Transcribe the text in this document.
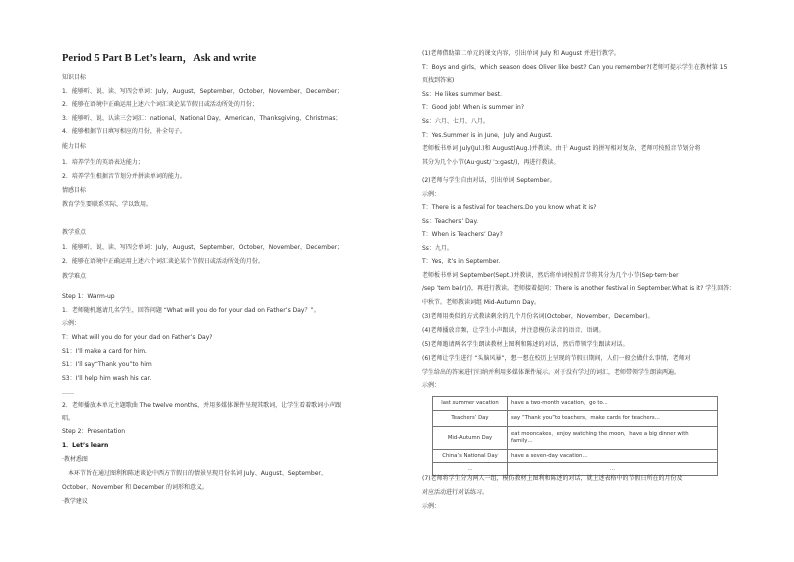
Period 5 Part B Let’s learn，Ask and write
知识目标
1．能够听、说、读、写四会单词：July，August，September，October，November，December；
2．能够在语境中正确运用上述六个词汇谈论某节假日或活动所处的月份；
3．能够听、说、认读三会词汇：national，National Day，American，Thanksgiving，Christmas；
4．能够根据节日填写相应的月份，补全句子。
能力目标
1．培养学生的英语表达能力；
2．培养学生根据音节划分并拼读单词的能力。
情感目标
教育学生要联系实际，学以致用。
教学重点
1．能够听、说、读、写四会单词：July，August，September，October，November，December；
2．能够在语境中正确运用上述六个词汇谈论某个节假日或活动所处的月份。
教学难点
Step 1：Warm-up
1．老师随机邀请几名学生，回答问题 “What will you do for your dad on Father’s Day？”。
示例：
T：What will you do for your dad on Father’s Day?
S1：I’ll make a card for him.
S1：I’ll say“Thank you”to him
S3：I’ll help him wash his car.
……
2．老师播放本单元主题歌曲 The twelve months，并用多媒体课件呈现其歌词，让学生看着歌词小声跟
唱。
Step 2：Presentation
1．Let’s learn
·教材悉图
本环节旨在通过图利和陈述谈论中西方节假日的情景呈现月份名词 July、August、September、
October、November 和 December 的词形和意义。
·教学建议
(1)老师借助第二单元的课文内容，引出单词 July 和 August 并进行教学。
T：Boys and girls，which season does Oliver like best? Can you remember?(老师可提示学生在教材第 15
页找到答案)
Ss：He likes summer best.
T：Good job! When is summer in?
Ss：六月、七月、八月。
T：Yes.Summer is in June，July and August.
老师板书单词 July(Jul.)和 August(Aug.)并教读。由于 August 的拼写相对复杂，老师可按照音节划分将
其分为几个小节(Au·gust/ ˈɔːgəst/)，再进行教读。
(2)老师与学生自由对话，引出单词 September。
示例：
T：There is a festival for teachers.Do you know what it is?
Ss：Teachers’ Day.
T：When is Teachers’ Day?
Ss：九月。
T：Yes，it’s in September.
老师板书单词 September(Sept.)并教读，然后将单词按照音节将其分为几个小节(Sep·tem·ber
/sep ˈtem bə(r)/)，再进行教读。老师接着提问：There is another festival in September.What is it? 学生回答：
中秋节。老师教读词组 Mid-Autumn Day。
(3)老师用类似的方式教读剩余的几个月份名词(October，November，December)。
(4)老师播放音频，让学生小声跟读，并注意模仿录音的语音、语调。
(5)老师邀请两名学生朗读教材上图利和陈述的对话，然后带领学生跟读对话。
(6)老师让学生进行 “头脑风暴”，想一想在校历上呈现的节假日期间，人们一般会做什么事情，老师对
学生给出的答案进行归纳并利用多媒体课件展示。对于没有学过的词汇，老师带领学生朗读两遍。
示例：
last summer vacation	have a two-month vacation，go to...
Teachers’ Day	say “Thank you”to teachers，make cards for teachers…
Mid-Autumn Day	eat mooncakes，enjoy watching the moon，have a big dinner with
family…

China’s National Day	have a seven-day vacation…
…	…
(7)老师将学生分为两人一组，模仿教材上图利和陈述的对话，就上述表格中的节假日所在的月份及
对应活动进行对话练习。
示例：
